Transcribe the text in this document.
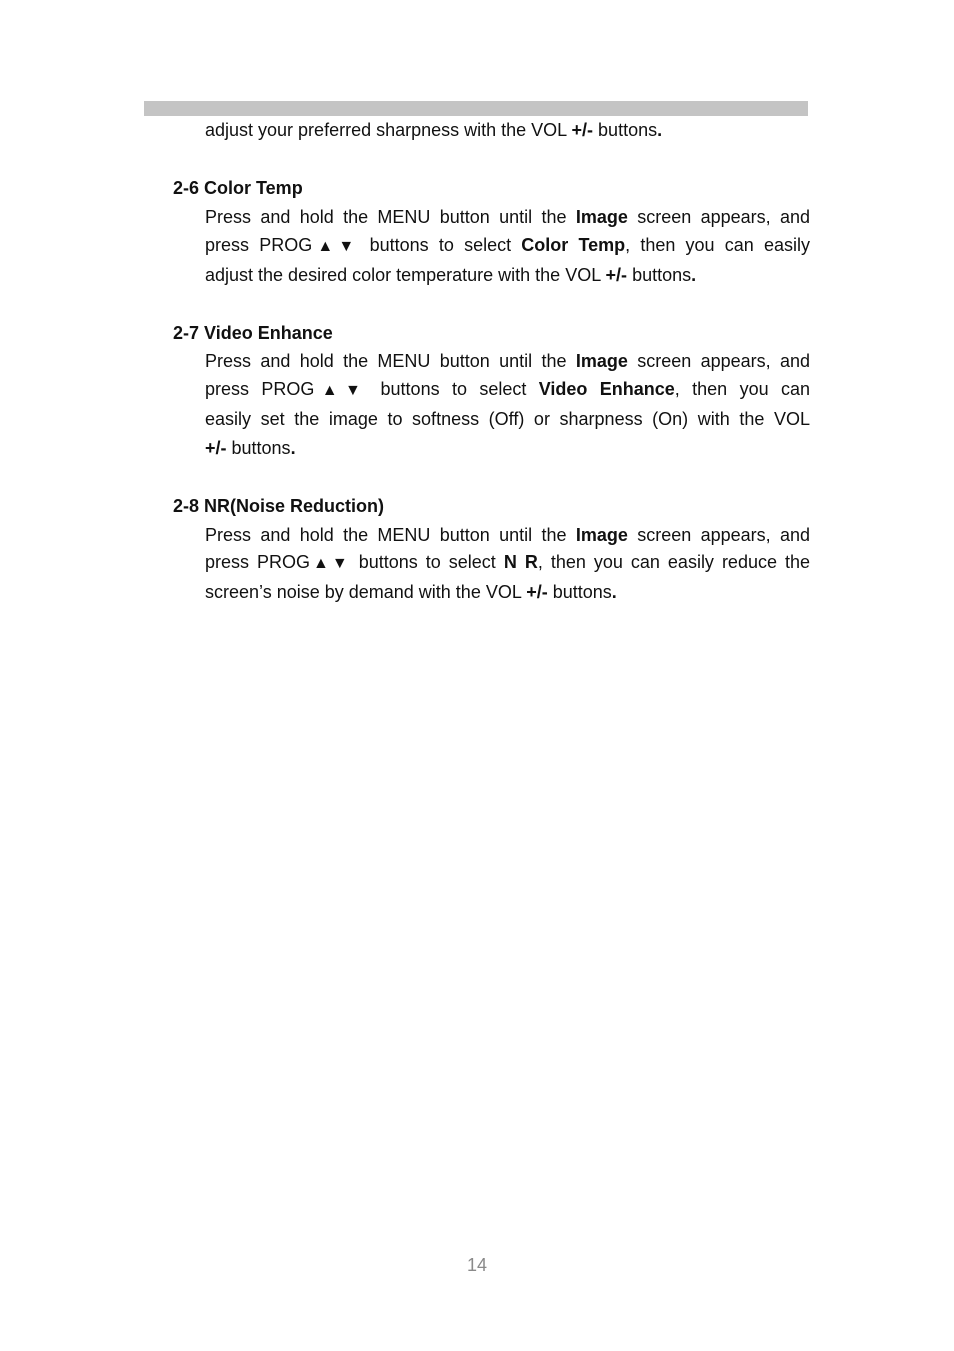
adjust your preferred sharpness with the VOL +/- buttons.
2-6 Color Temp
Press and hold the MENU button until the Image screen appears, and
press PROG▲▼ buttons to select Color Temp, then you can easily
adjust the desired color temperature with the VOL +/- buttons.
2-7 Video Enhance
Press and hold the MENU button until the Image screen appears, and
press PROG▲▼ buttons to select Video Enhance, then you can
easily set the image to softness (Off) or sharpness (On) with the VOL
+/- buttons.
2-8 NR(Noise Reduction)
Press and hold the MENU button until the Image screen appears, and
press PROG▲▼ buttons to select N R, then you can easily reduce the
screen’s noise by demand with the VOL +/- buttons.
14
